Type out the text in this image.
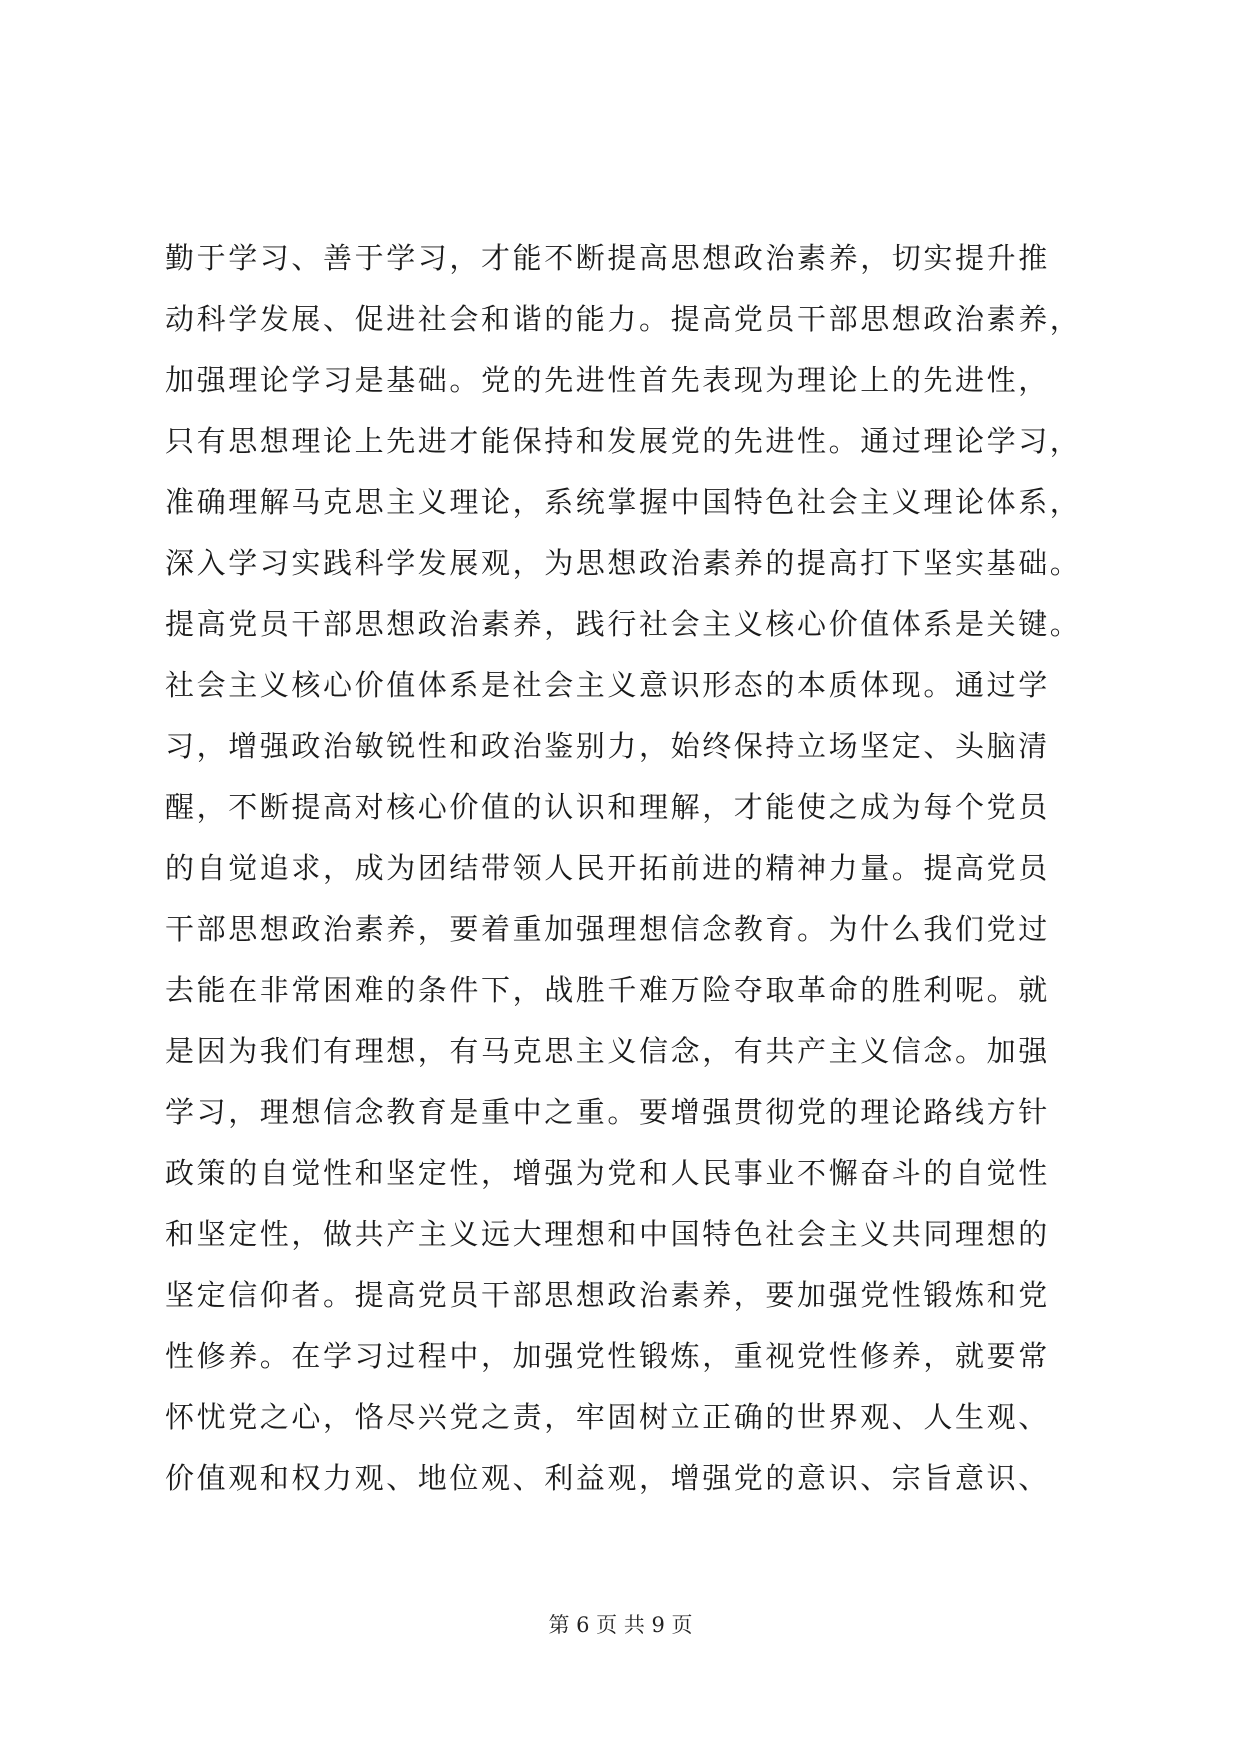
勤于学习、善于学习，才能不断提高思想政治素养，切实提升推
动科学发展、促进社会和谐的能力。提高党员干部思想政治素养，
加强理论学习是基础。党的先进性首先表现为理论上的先进性，
只有思想理论上先进才能保持和发展党的先进性。通过理论学习，
准确理解马克思主义理论，系统掌握中国特色社会主义理论体系，
深入学习实践科学发展观，为思想政治素养的提高打下坚实基础。
提高党员干部思想政治素养，践行社会主义核心价值体系是关键。
社会主义核心价值体系是社会主义意识形态的本质体现。通过学
习，增强政治敏锐性和政治鉴别力，始终保持立场坚定、头脑清
醒，不断提高对核心价值的认识和理解，才能使之成为每个党员
的自觉追求，成为团结带领人民开拓前进的精神力量。提高党员
干部思想政治素养，要着重加强理想信念教育。为什么我们党过
去能在非常困难的条件下，战胜千难万险夺取革命的胜利呢。就
是因为我们有理想，有马克思主义信念，有共产主义信念。加强
学习，理想信念教育是重中之重。要增强贯彻党的理论路线方针
政策的自觉性和坚定性，增强为党和人民事业不懈奋斗的自觉性
和坚定性，做共产主义远大理想和中国特色社会主义共同理想的
坚定信仰者。提高党员干部思想政治素养，要加强党性锻炼和党
性修养。在学习过程中，加强党性锻炼，重视党性修养，就要常
怀忧党之心，恪尽兴党之责，牢固树立正确的世界观、人生观、
价值观和权力观、地位观、利益观，增强党的意识、宗旨意识、
第 6 页 共 9 页
